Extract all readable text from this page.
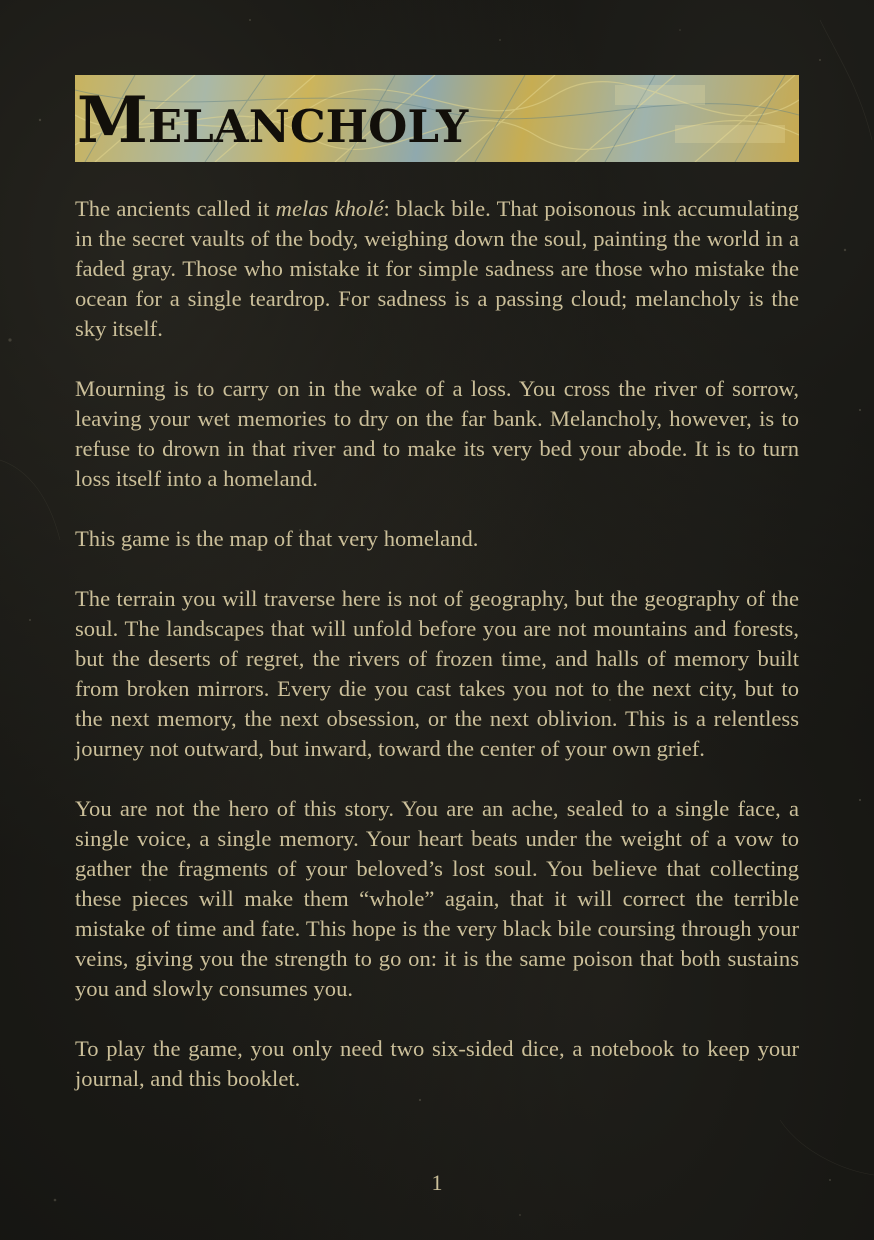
Melancholy

The ancients called it melas kholé: black bile. That poisonous ink accumulating in the secret vaults of the body, weighing down the soul, painting the world in a faded gray. Those who mistake it for simple sadness are those who mistake the ocean for a single teardrop. For sadness is a passing cloud; melancholy is the sky itself.

Mourning is to carry on in the wake of a loss. You cross the river of sorrow, leaving your wet memories to dry on the far bank. Melancholy, however, is to refuse to drown in that river and to make its very bed your abode. It is to turn loss itself into a homeland.

This game is the map of that very homeland.

The terrain you will traverse here is not of geography, but the geography of the soul. The landscapes that will unfold before you are not mountains and forests, but the deserts of regret, the rivers of frozen time, and halls of memory built from broken mirrors. Every die you cast takes you not to the next city, but to the next memory, the next obsession, or the next oblivion. This is a relentless journey not outward, but inward, toward the center of your own grief.

You are not the hero of this story. You are an ache, sealed to a single face, a single voice, a single memory. Your heart beats under the weight of a vow to gather the fragments of your beloved’s lost soul. You believe that collecting these pieces will make them “whole” again, that it will correct the terrible mistake of time and fate. This hope is the very black bile coursing through your veins, giving you the strength to go on: it is the same poison that both sustains you and slowly consumes you.

To play the game, you only need two six-sided dice, a notebook to keep your journal, and this booklet.

1
